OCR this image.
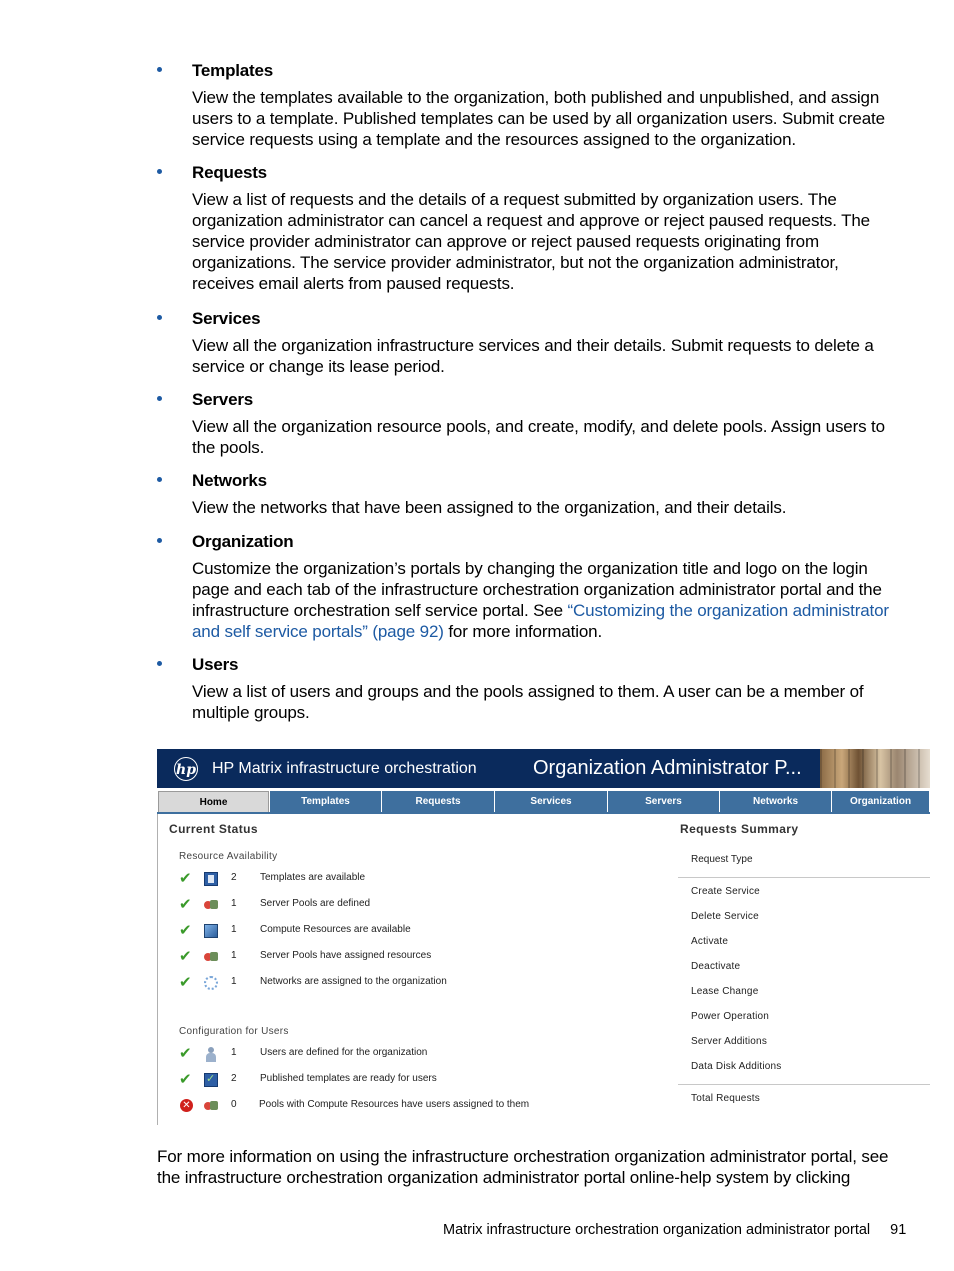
Templates
View the templates available to the organization, both published and unpublished, and assign users to a template. Published templates can be used by all organization users. Submit create service requests using a template and the resources assigned to the organization.
Requests
View a list of requests and the details of a request submitted by organization users. The organization administrator can cancel a request and approve or reject paused requests. The service provider administrator can approve or reject paused requests originating from organizations. The service provider administrator, but not the organization administrator, receives email alerts from paused requests.
Services
View all the organization infrastructure services and their details. Submit requests to delete a service or change its lease period.
Servers
View all the organization resource pools, and create, modify, and delete pools. Assign users to the pools.
Networks
View the networks that have been assigned to the organization, and their details.
Organization
Customize the organization’s portals by changing the organization title and logo on the login page and each tab of the infrastructure orchestration organization administrator portal and the infrastructure orchestration self service portal. See “Customizing the organization administrator and self service portals” (page 92) for more information.
Users
View a list of users and groups and the pools assigned to them. A user can be a member of multiple groups.
hp HP Matrix infrastructure orchestration	Organization Administrator P...
Home	Templates	Requests	Services	Servers	Networks	Organization
Current Status
Resource Availability
✔	2 Templates are available
✔	1 Server Pools are defined
✔	1 Compute Resources are available
✔	1 Server Pools have assigned resources
✔	1 Networks are assigned to the organization
Configuration for Users
✔	1 Users are defined for the organization
✔
✓	2 Published templates are ready for users
✕	0 Pools with Compute Resources have users assigned to them
Requests Summary
Request Type
Create Service
Delete Service
Activate
Deactivate
Lease Change
Power Operation
Server Additions
Data Disk Additions
Total Requests
For more information on using the infrastructure orchestration organization administrator portal, see the infrastructure orchestration organization administrator portal online-help system by clicking
Matrix infrastructure orchestration organization administrator portal 91
